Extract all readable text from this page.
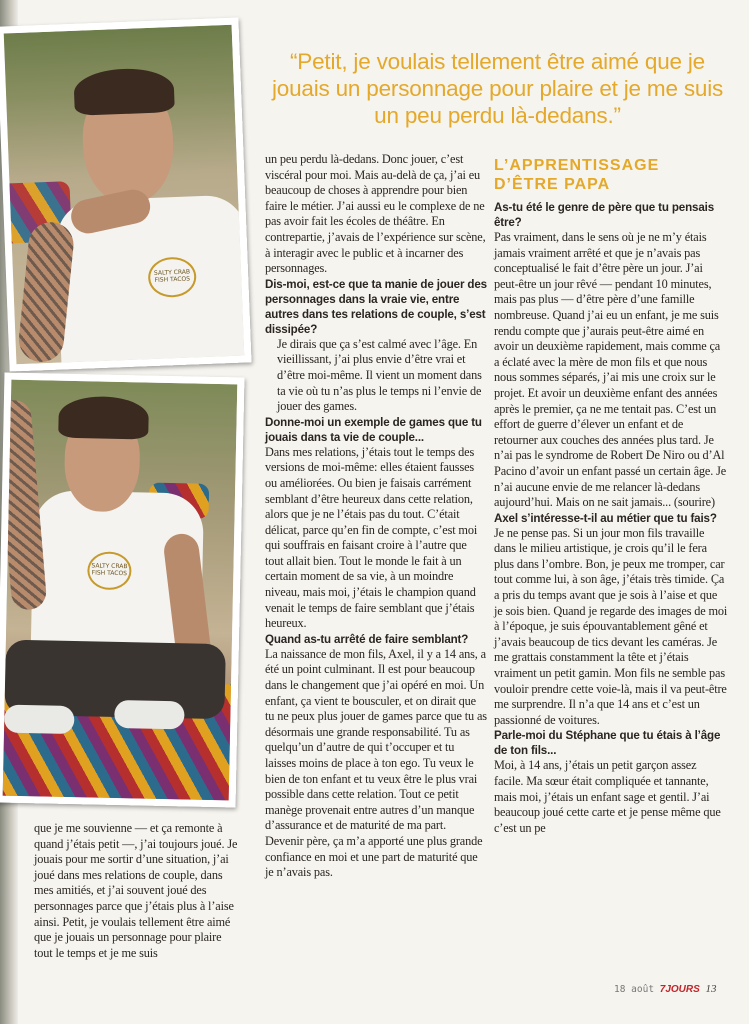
SALTY CRAB
FISH TACOS
SALTY CRAB
FISH TACOS
“Petit, je voulais tellement être aimé que je jouais un personnage pour plaire et je me suis un peu perdu là-dedans.”

un peu perdu là-dedans. Donc jouer, c’est viscéral pour moi. Mais au-delà de ça, j’ai eu beaucoup de choses à apprendre pour bien faire le métier. J’ai aussi eu le complexe de ne pas avoir fait les écoles de théâtre. En contrepartie, j’avais de l’expérience sur scène, à interagir avec le public et à incarner des personnages.

Dis-moi, est-ce que ta manie de jouer des personnages dans la vraie vie, entre autres dans tes relations de couple, s’est dissipée?

Je dirais que ça s’est calmé avec l’âge. En vieillissant, j’ai plus envie d’être vrai et d’être moi-même. Il vient un moment dans ta vie où tu n’as plus le temps ni l’envie de jouer des games.

Donne-moi un exemple de games que tu jouais dans ta vie de couple...

Dans mes relations, j’étais tout le temps des versions de moi-même: elles étaient fausses ou améliorées. Ou bien je faisais carrément semblant d’être heureux dans cette relation, alors que je ne l’étais pas du tout. C’était délicat, parce qu’en fin de compte, c’est moi qui souffrais en faisant croire à l’autre que tout allait bien. Tout le monde le fait à un certain moment de sa vie, à un moindre niveau, mais moi, j’étais le champion quand venait le temps de faire semblant que j’étais heureux.

Quand as-tu arrêté de faire semblant?

La naissance de mon fils, Axel, il y a 14 ans, a été un point culminant. Il est pour beaucoup dans le changement que j’ai opéré en moi. Un enfant, ça vient te bousculer, et on dirait que tu ne peux plus jouer de games parce que tu as désormais une grande responsabilité. Tu as quelqu’un d’autre de qui t’occuper et tu laisses moins de place à ton ego. Tu veux le bien de ton enfant et tu veux être le plus vrai possible dans cette relation. Tout ce petit manège provenait entre autres d’un manque d’assurance et de maturité de ma part. Devenir père, ça m’a apporté une plus grande confiance en moi et une part de maturité que je n’avais pas.

L’APPRENTISSAGE D’ÊTRE PAPA

As-tu été le genre de père que tu pensais être?

Pas vraiment, dans le sens où je ne m’y étais jamais vraiment arrêté et que je n’avais pas conceptualisé le fait d’être père un jour. J’ai peut-être un jour rêvé — pendant 10 minutes, mais pas plus — d’être père d’une famille nombreuse. Quand j’ai eu un enfant, je me suis rendu compte que j’aurais peut-être aimé en avoir un deuxième rapidement, mais comme ça a éclaté avec la mère de mon fils et que nous nous sommes séparés, j’ai mis une croix sur le projet. Et avoir un deuxième enfant des années après le premier, ça ne me tentait pas. C’est un effort de guerre d’élever un enfant et de retourner aux couches des années plus tard. Je n’ai pas le syndrome de Robert De Niro ou d’Al Pacino d’avoir un enfant passé un certain âge. Je n’ai aucune envie de me relancer là-dedans aujourd’hui. Mais on ne sait jamais... (sourire)

Axel s’intéresse-t-il au métier que tu fais?

Je ne pense pas. Si un jour mon fils travaille dans le milieu artistique, je crois qu’il le fera plus dans l’ombre. Bon, je peux me tromper, car tout comme lui, à son âge, j’étais très timide. Ça a pris du temps avant que je sois à l’aise et que je sois bien. Quand je regarde des images de moi à l’époque, je suis épouvantablement gêné et j’avais beaucoup de tics devant les caméras. Je me grattais constamment la tête et j’étais vraiment un petit gamin. Mon fils ne semble pas vouloir prendre cette voie-là, mais il va peut-être me surprendre. Il n’a que 14 ans et c’est un passionné de voitures.

Parle-moi du Stéphane que tu étais à l’âge de ton fils...

Moi, à 14 ans, j’étais un petit garçon assez facile. Ma sœur était compliquée et tannante, mais moi, j’étais un enfant sage et gentil. J’ai beaucoup joué cette carte et je pense même que c’est un pe

que je me souvienne — et ça remonte à quand j’étais petit —, j’ai toujours joué. Je jouais pour me sortir d’une situation, j’ai joué dans mes relations de couple, dans mes amitiés, et j’ai souvent joué des personnages parce que j’étais plus à l’aise ainsi. Petit, je voulais tellement être aimé que je jouais un personnage pour plaire tout le temps et je me suis

18 août 7JOURS 13
